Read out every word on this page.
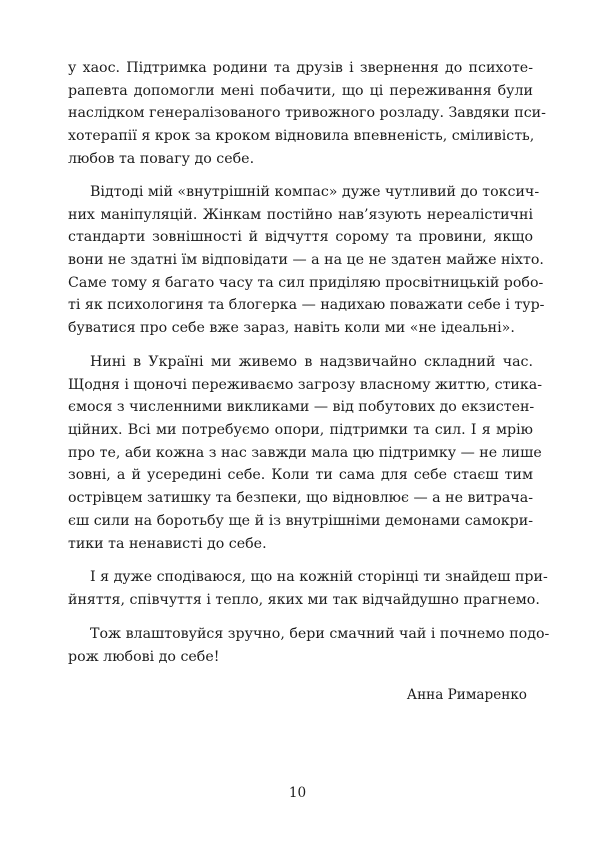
у хаос. Підтримка родини та друзів і звернення до психоте-
рапевта допомогли мені побачити, що ці переживання були
наслідком генералізованого тривожного розладу. Завдяки пси-
хотерапії я крок за кроком відновила впевненість, сміливість,
любов та повагу до себе.
Відтоді мій «внутрішній компас» дуже чутливий до токсич-
них маніпуляцій. Жінкам постійно нав’язують нереалістичні
стандарти зовнішності й відчуття сорому та провини, якщо
вони не здатні їм відповідати — а на це не здатен майже ніхто.
Саме тому я багато часу та сил приділяю просвітницькій робо-
ті як психологиня та блогерка — надихаю поважати себе і тур-
буватися про себе вже зараз, навіть коли ми «не ідеальні».
Нині в Україні ми живемо в надзвичайно складний час.
Щодня і щоночі переживаємо загрозу власному життю, стика-
ємося з численними викликами — від побутових до екзистен-
ційних. Всі ми потребуємо опори, підтримки та сил. І я мрію
про те, аби кожна з нас завжди мала цю підтримку — не лише
зовні, а й усередині себе. Коли ти сама для себе стаєш тим
острівцем затишку та безпеки, що відновлює — а не витрача-
єш сили на боротьбу ще й із внутрішніми демонами самокри-
тики та ненависті до себе.
І я дуже сподіваюся, що на кожній сторінці ти знайдеш при-
йняття, співчуття і тепло, яких ми так відчайдушно прагнемо.
Тож влаштовуйся зручно, бери смачний чай і почнемо подо-
рож любові до себе!
Анна Римаренко
10
